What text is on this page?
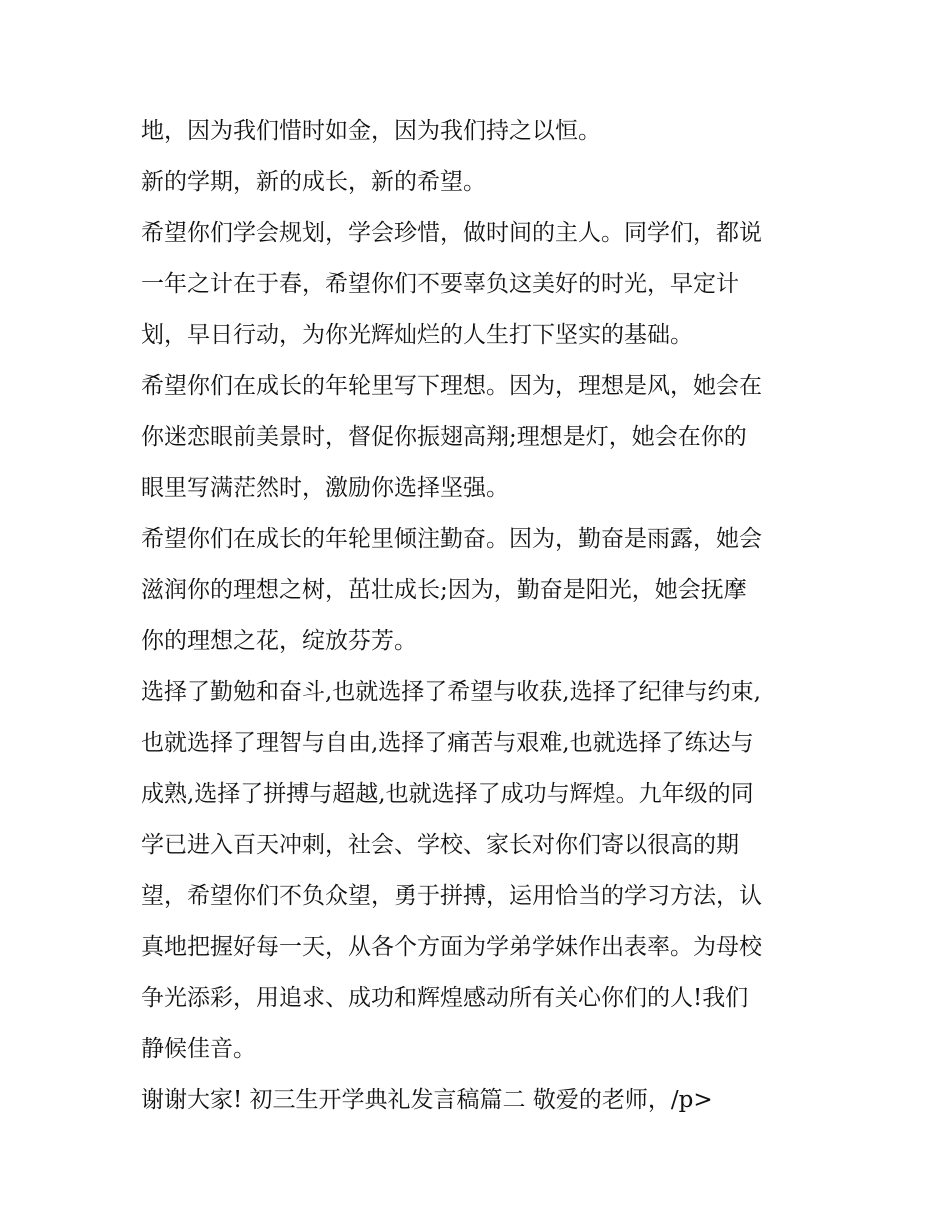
地，因为我们惜时如金，因为我们持之以恒。
新的学期，新的成长，新的希望。
希望你们学会规划，学会珍惜，做时间的主人。同学们，都说
一年之计在于春，希望你们不要辜负这美好的时光，早定计
划，早日行动，为你光辉灿烂的人生打下坚实的基础。
希望你们在成长的年轮里写下理想。因为，理想是风，她会在
你迷恋眼前美景时，督促你振翅高翔;理想是灯，她会在你的
眼里写满茫然时，激励你选择坚强。
希望你们在成长的年轮里倾注勤奋。因为，勤奋是雨露，她会
滋润你的理想之树，茁壮成长;因为，勤奋是阳光，她会抚摩
你的理想之花，绽放芬芳。
选择了勤勉和奋斗,也就选择了希望与收获,选择了纪律与约束,
也就选择了理智与自由,选择了痛苦与艰难,也就选择了练达与
成熟,选择了拼搏与超越,也就选择了成功与辉煌。九年级的同
学已进入百天冲刺，社会、学校、家长对你们寄以很高的期
望，希望你们不负众望，勇于拼搏，运用恰当的学习方法，认
真地把握好每一天，从各个方面为学弟学妹作出表率。为母校
争光添彩，用追求、成功和辉煌感动所有关心你们的人!我们
静候佳音。
谢谢大家! 初三生开学典礼发言稿篇二 敬爱的老师，/p>
